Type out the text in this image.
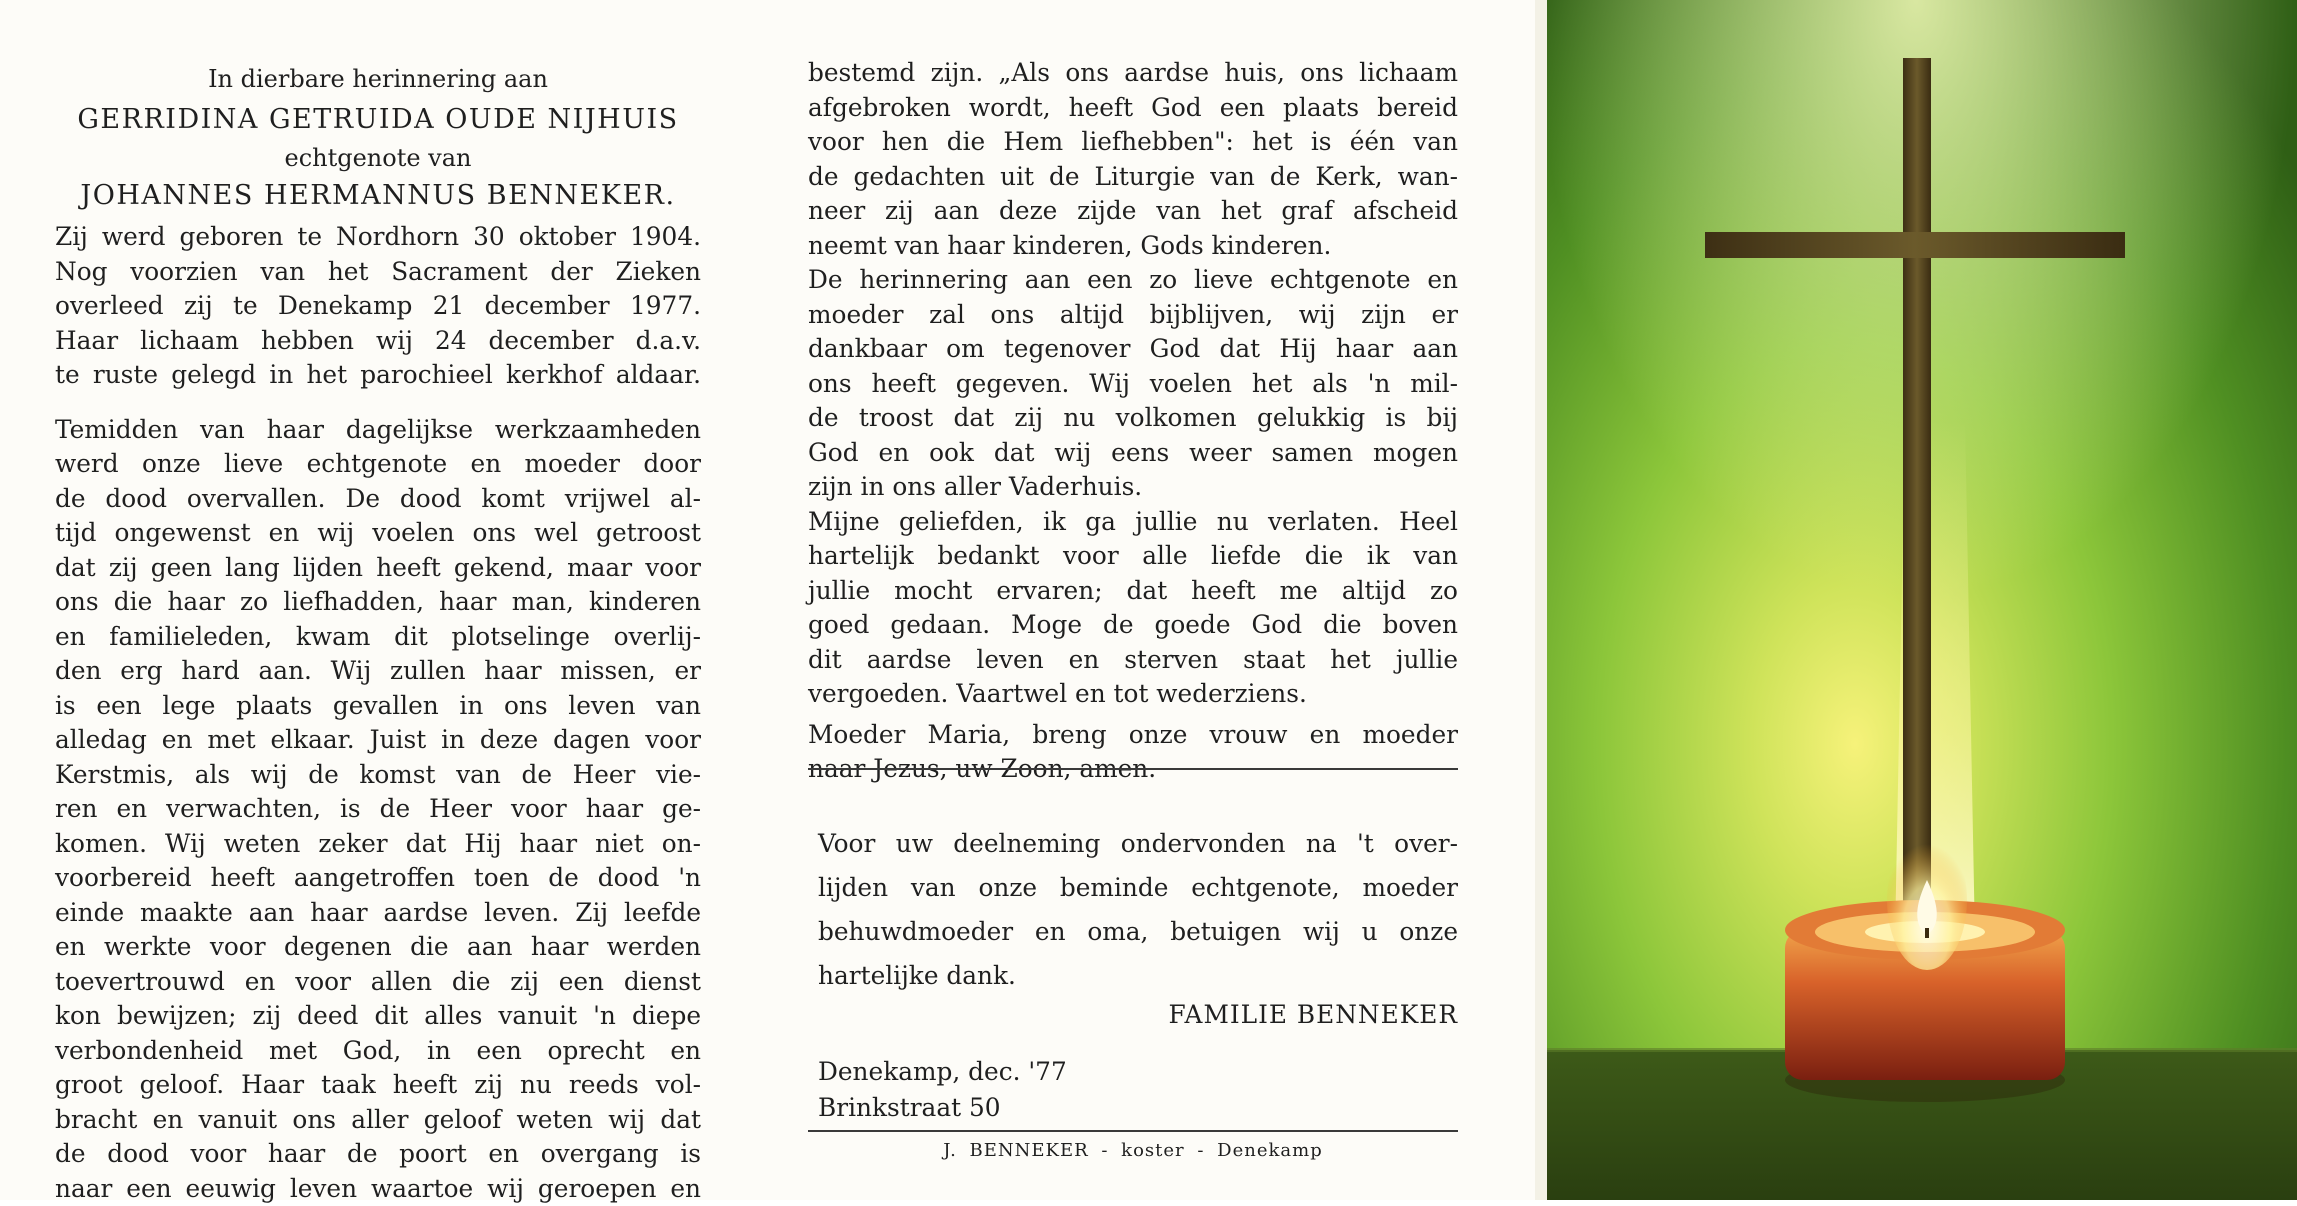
In dierbare herinnering aan
GERRIDINA GETRUIDA OUDE NIJHUIS
echtgenote van
JOHANNES HERMANNUS BENNEKER.
Zij werd geboren te Nordhorn 30 oktober 1904.
Nog voorzien van het Sacrament der Zieken
overleed zij te Denekamp 21 december 1977.
Haar lichaam hebben wij 24 december d.a.v.
te ruste gelegd in het parochieel kerkhof aldaar.
Temidden van haar dagelijkse werkzaamheden
werd onze lieve echtgenote en moeder door
de dood overvallen. De dood komt vrijwel al-
tijd ongewenst en wij voelen ons wel getroost
dat zij geen lang lijden heeft gekend, maar voor
ons die haar zo liefhadden, haar man, kinderen
en familieleden, kwam dit plotselinge overlij-
den erg hard aan. Wij zullen haar missen, er
is een lege plaats gevallen in ons leven van
alledag en met elkaar. Juist in deze dagen voor
Kerstmis, als wij de komst van de Heer vie-
ren en verwachten, is de Heer voor haar ge-
komen. Wij weten zeker dat Hij haar niet on-
voorbereid heeft aangetroffen toen de dood 'n
einde maakte aan haar aardse leven. Zij leefde
en werkte voor degenen die aan haar werden
toevertrouwd en voor allen die zij een dienst
kon bewijzen; zij deed dit alles vanuit 'n diepe
verbondenheid met God, in een oprecht en
groot geloof. Haar taak heeft zij nu reeds vol-
bracht en vanuit ons aller geloof weten wij dat
de dood voor haar de poort en overgang is
naar een eeuwig leven waartoe wij geroepen en
bestemd zijn. „Als ons aardse huis, ons lichaam
afgebroken wordt, heeft God een plaats bereid
voor hen die Hem liefhebben": het is één van
de gedachten uit de Liturgie van de Kerk, wan-
neer zij aan deze zijde van het graf afscheid
neemt van haar kinderen, Gods kinderen.
De herinnering aan een zo lieve echtgenote en
moeder zal ons altijd bijblijven, wij zijn er
dankbaar om tegenover God dat Hij haar aan
ons heeft gegeven. Wij voelen het als 'n mil-
de troost dat zij nu volkomen gelukkig is bij
God en ook dat wij eens weer samen mogen
zijn in ons aller Vaderhuis.
Mijne geliefden, ik ga jullie nu verlaten. Heel
hartelijk bedankt voor alle liefde die ik van
jullie mocht ervaren; dat heeft me altijd zo
goed gedaan. Moge de goede God die boven
dit aardse leven en sterven staat het jullie
vergoeden. Vaartwel en tot wederziens.
Moeder Maria, breng onze vrouw en moeder
naar Jezus, uw Zoon, amen.
Voor uw deelneming ondervonden na 't over-
lijden van onze beminde echtgenote, moeder
behuwdmoeder en oma, betuigen wij u onze
hartelijke dank.
FAMILIE BENNEKER
Denekamp, dec. '77
Brinkstraat 50
J. BENNEKER - koster - Denekamp
